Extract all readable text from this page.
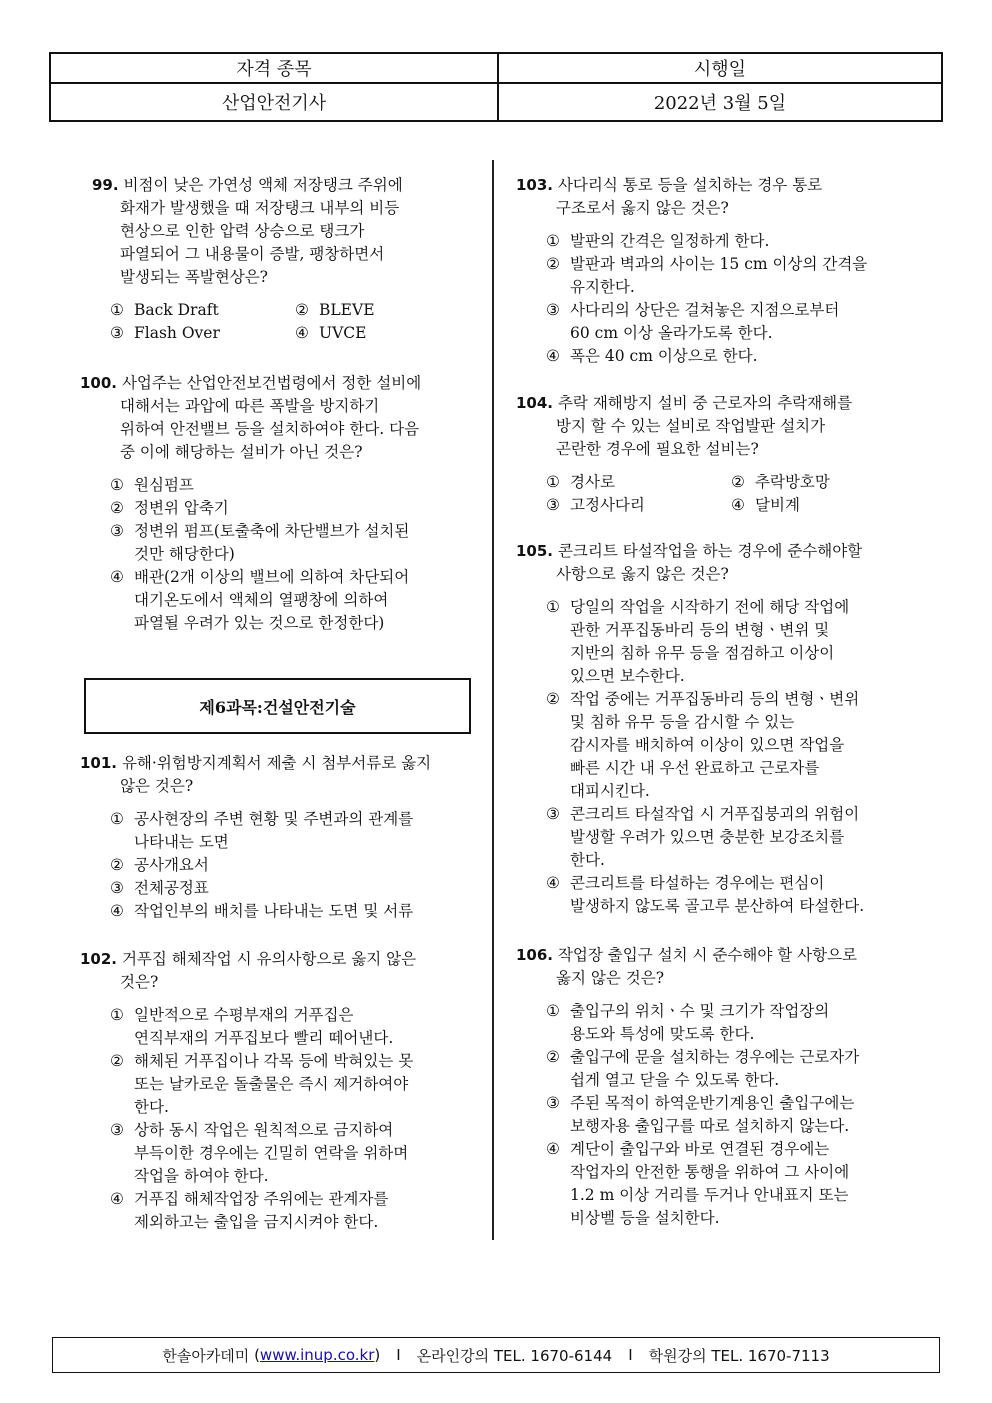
자격 종목	시행일
산업안전기사	2022년 3월 5일
99. 비점이 낮은 가연성 액체 저장탱크 주위에
화재가 발생했을 때 저장탱크 내부의 비등
현상으로 인한 압력 상승으로 탱크가
파열되어 그 내용물이 증발, 팽창하면서
발생되는 폭발현상은?
① Back Draft	② BLEVE
③ Flash Over	④ UVCE
100. 사업주는 산업안전보건법령에서 정한 설비에
대해서는 과압에 따른 폭발을 방지하기
위하여 안전밸브 등을 설치하여야 한다. 다음
중 이에 해당하는 설비가 아닌 것은?
① 원심펌프
② 정변위 압축기
③ 정변위 펌프(토출축에 차단밸브가 설치된
것만 해당한다)
④ 배관(2개 이상의 밸브에 의하여 차단되어
대기온도에서 액체의 열팽창에 의하여
파열될 우려가 있는 것으로 한정한다)
101. 유해·위험방지계획서 제출 시 첨부서류로 옳지
않은 것은?
① 공사현장의 주변 현황 및 주변과의 관계를
나타내는 도면
② 공사개요서
③ 전체공정표
④ 작업인부의 배치를 나타내는 도면 및 서류
102. 거푸집 해체작업 시 유의사항으로 옳지 않은
것은?
① 일반적으로 수평부재의 거푸집은
연직부재의 거푸집보다 빨리 떼어낸다.
② 해체된 거푸집이나 각목 등에 박혀있는 못
또는 날카로운 돌출물은 즉시 제거하여야
한다.
③ 상하 동시 작업은 원칙적으로 금지하여
부득이한 경우에는 긴밀히 연락을 위하며
작업을 하여야 한다.
④ 거푸집 해체작업장 주위에는 관계자를
제외하고는 출입을 금지시켜야 한다.
제6과목:건설안전기술
103. 사다리식 통로 등을 설치하는 경우 통로
구조로서 옳지 않은 것은?
① 발판의 간격은 일정하게 한다.
② 발판과 벽과의 사이는 15 cm 이상의 간격을
유지한다.
③ 사다리의 상단은 걸쳐놓은 지점으로부터
60 cm 이상 올라가도록 한다.
④ 폭은 40 cm 이상으로 한다.
104. 추락 재해방지 설비 중 근로자의 추락재해를
방지 할 수 있는 설비로 작업발판 설치가
곤란한 경우에 필요한 설비는?
① 경사로	② 추락방호망
③ 고정사다리	④ 달비계
105. 콘크리트 타설작업을 하는 경우에 준수해야할
사항으로 옳지 않은 것은?
① 당일의 작업을 시작하기 전에 해당 작업에
관한 거푸집동바리 등의 변형ㆍ변위 및
지반의 침하 유무 등을 점검하고 이상이
있으면 보수한다.
② 작업 중에는 거푸집동바리 등의 변형ㆍ변위
및 침하 유무 등을 감시할 수 있는
감시자를 배치하여 이상이 있으면 작업을
빠른 시간 내 우선 완료하고 근로자를
대피시킨다.
③ 콘크리트 타설작업 시 거푸집붕괴의 위험이
발생할 우려가 있으면 충분한 보강조치를
한다.
④ 콘크리트를 타설하는 경우에는 편심이
발생하지 않도록 골고루 분산하여 타설한다.
106. 작업장 출입구 설치 시 준수해야 할 사항으로
옳지 않은 것은?
① 출입구의 위치ㆍ수 및 크기가 작업장의
용도와 특성에 맞도록 한다.
② 출입구에 문을 설치하는 경우에는 근로자가
쉽게 열고 닫을 수 있도록 한다.
③ 주된 목적이 하역운반기계용인 출입구에는
보행자용 출입구를 따로 설치하지 않는다.
④ 계단이 출입구와 바로 연결된 경우에는
작업자의 안전한 통행을 위하여 그 사이에
1.2 m 이상 거리를 두거나 안내표지 또는
비상벨 등을 설치한다.
한솔아카데미 ( www.inup.co.kr ) I 온라인강의 TEL. 1670-6144 I 학원강의 TEL. 1670-7113
